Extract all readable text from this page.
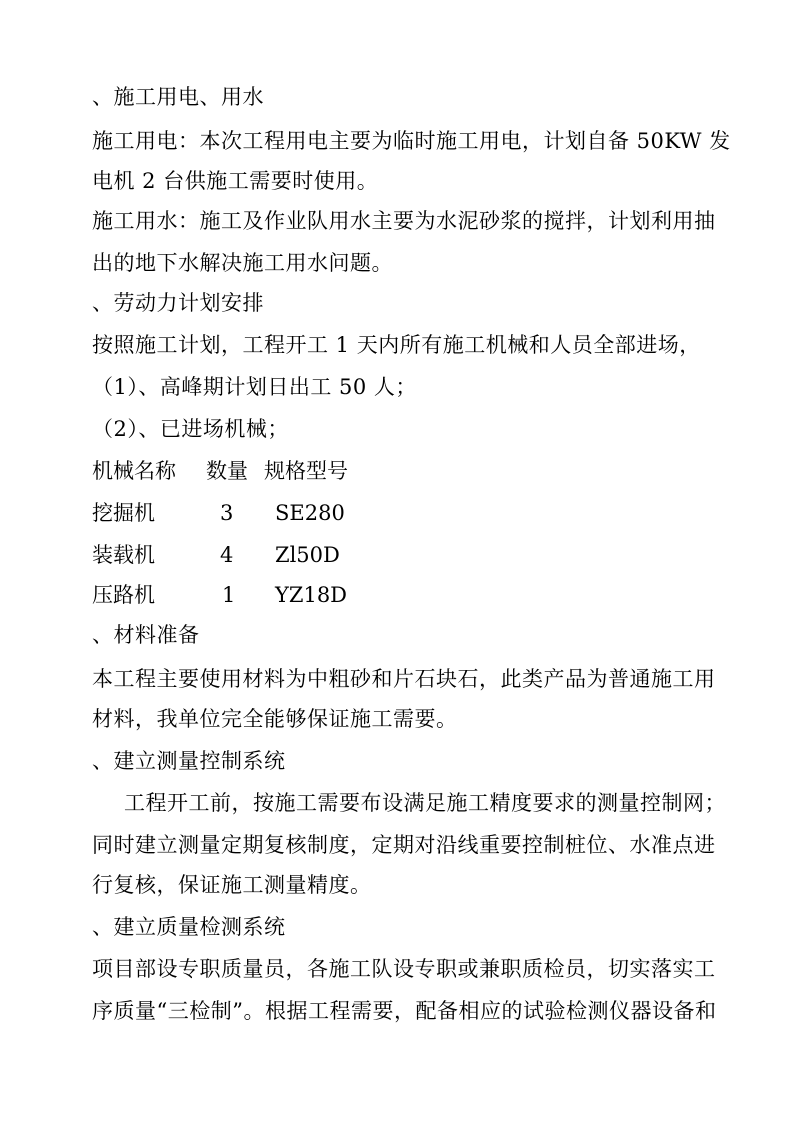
、施工用电、用水
施工用电：本次工程用电主要为临时施工用电，计划自备 50KW 发
电机 2 台供施工需要时使用。
施工用水：施工及作业队用水主要为水泥砂浆的搅拌，计划利用抽
出的地下水解决施工用水问题。
、劳动力计划安排
按照施工计划，工程开工 1 天内所有施工机械和人员全部进场，
（1）、高峰期计划日出工 50 人；
（2）、已进场机械；
机械名称 数量 规格型号
挖掘机	3 SE280
装载机	4 Zl50D
压路机	1 YZ18D
、材料准备
本工程主要使用材料为中粗砂和片石块石，此类产品为普通施工用
材料，我单位完全能够保证施工需要。
、建立测量控制系统
工程开工前，按施工需要布设满足施工精度要求的测量控制网；
同时建立测量定期复核制度，定期对沿线重要控制桩位、水准点进
行复核，保证施工测量精度。
、建立质量检测系统
项目部设专职质量员，各施工队设专职或兼职质检员，切实落实工
序质量“三检制”。根据工程需要，配备相应的试验检测仪器设备和
